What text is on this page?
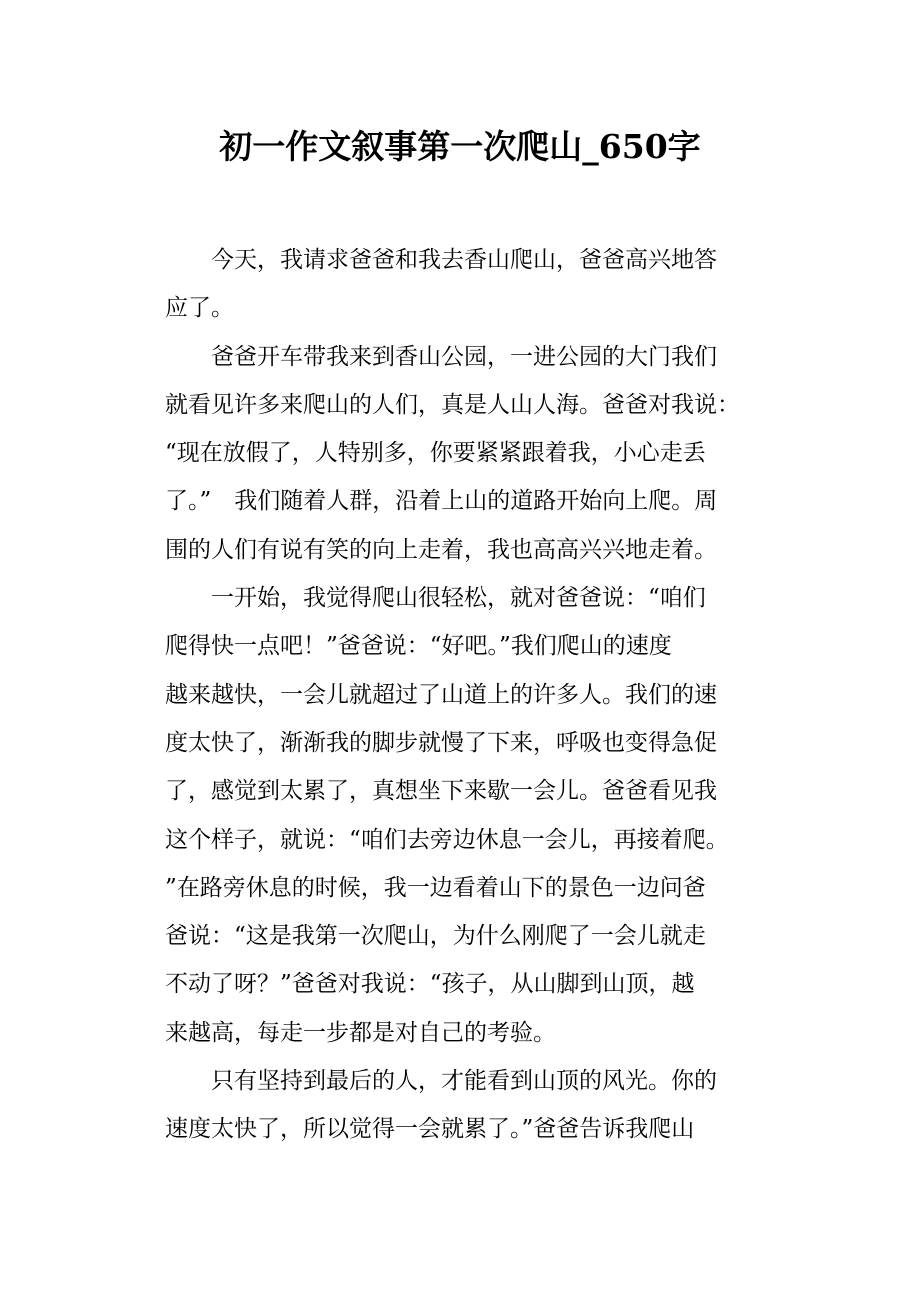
初一作文叙事第一次爬山_650字
　　今天，我请求爸爸和我去香山爬山，爸爸高兴地答
应了。
　　爸爸开车带我来到香山公园，一进公园的大门我们
就看见许多来爬山的人们，真是人山人海。爸爸对我说：
“现在放假了，人特别多，你要紧紧跟着我，小心走丢
了。”　我们随着人群，沿着上山的道路开始向上爬。周
围的人们有说有笑的向上走着，我也高高兴兴地走着。
　　一开始，我觉得爬山很轻松，就对爸爸说：“咱们
爬得快一点吧！”爸爸说：“好吧。”我们爬山的速度
越来越快，一会儿就超过了山道上的许多人。我们的速
度太快了，渐渐我的脚步就慢了下来，呼吸也变得急促
了，感觉到太累了，真想坐下来歇一会儿。爸爸看见我
这个样子，就说：“咱们去旁边休息一会儿，再接着爬。
”在路旁休息的时候，我一边看着山下的景色一边问爸
爸说：“这是我第一次爬山，为什么刚爬了一会儿就走
不动了呀？”爸爸对我说：“孩子，从山脚到山顶，越
来越高，每走一步都是对自己的考验。
　　只有坚持到最后的人，才能看到山顶的风光。你的
速度太快了，所以觉得一会就累了。”爸爸告诉我爬山
